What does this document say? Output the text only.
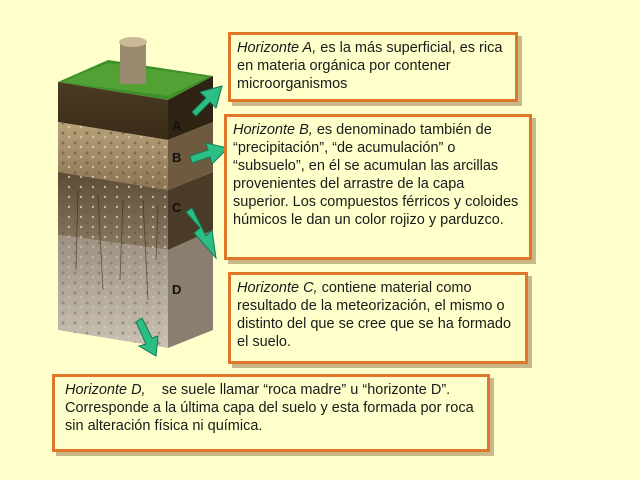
A
B
C
D
Horizonte A, es la más superficial, es rica en materia orgánica por contener microorganismos
Horizonte B, es denominado también de “precipitación”, “de acumulación” o “subsuelo”, en él se acumulan las arcillas provenientes del arrastre de la capa superior. Los compuestos férricos y coloides húmicos le dan un color rojizo y parduzco.
Horizonte C, contiene material como resultado de la meteorización, el mismo o distinto del que se cree que se ha formado el suelo.
Horizonte D,    se suele llamar “roca madre” u “horizonte D”. Corresponde a la última capa del suelo y esta formada por roca sin alteración física ni química.
